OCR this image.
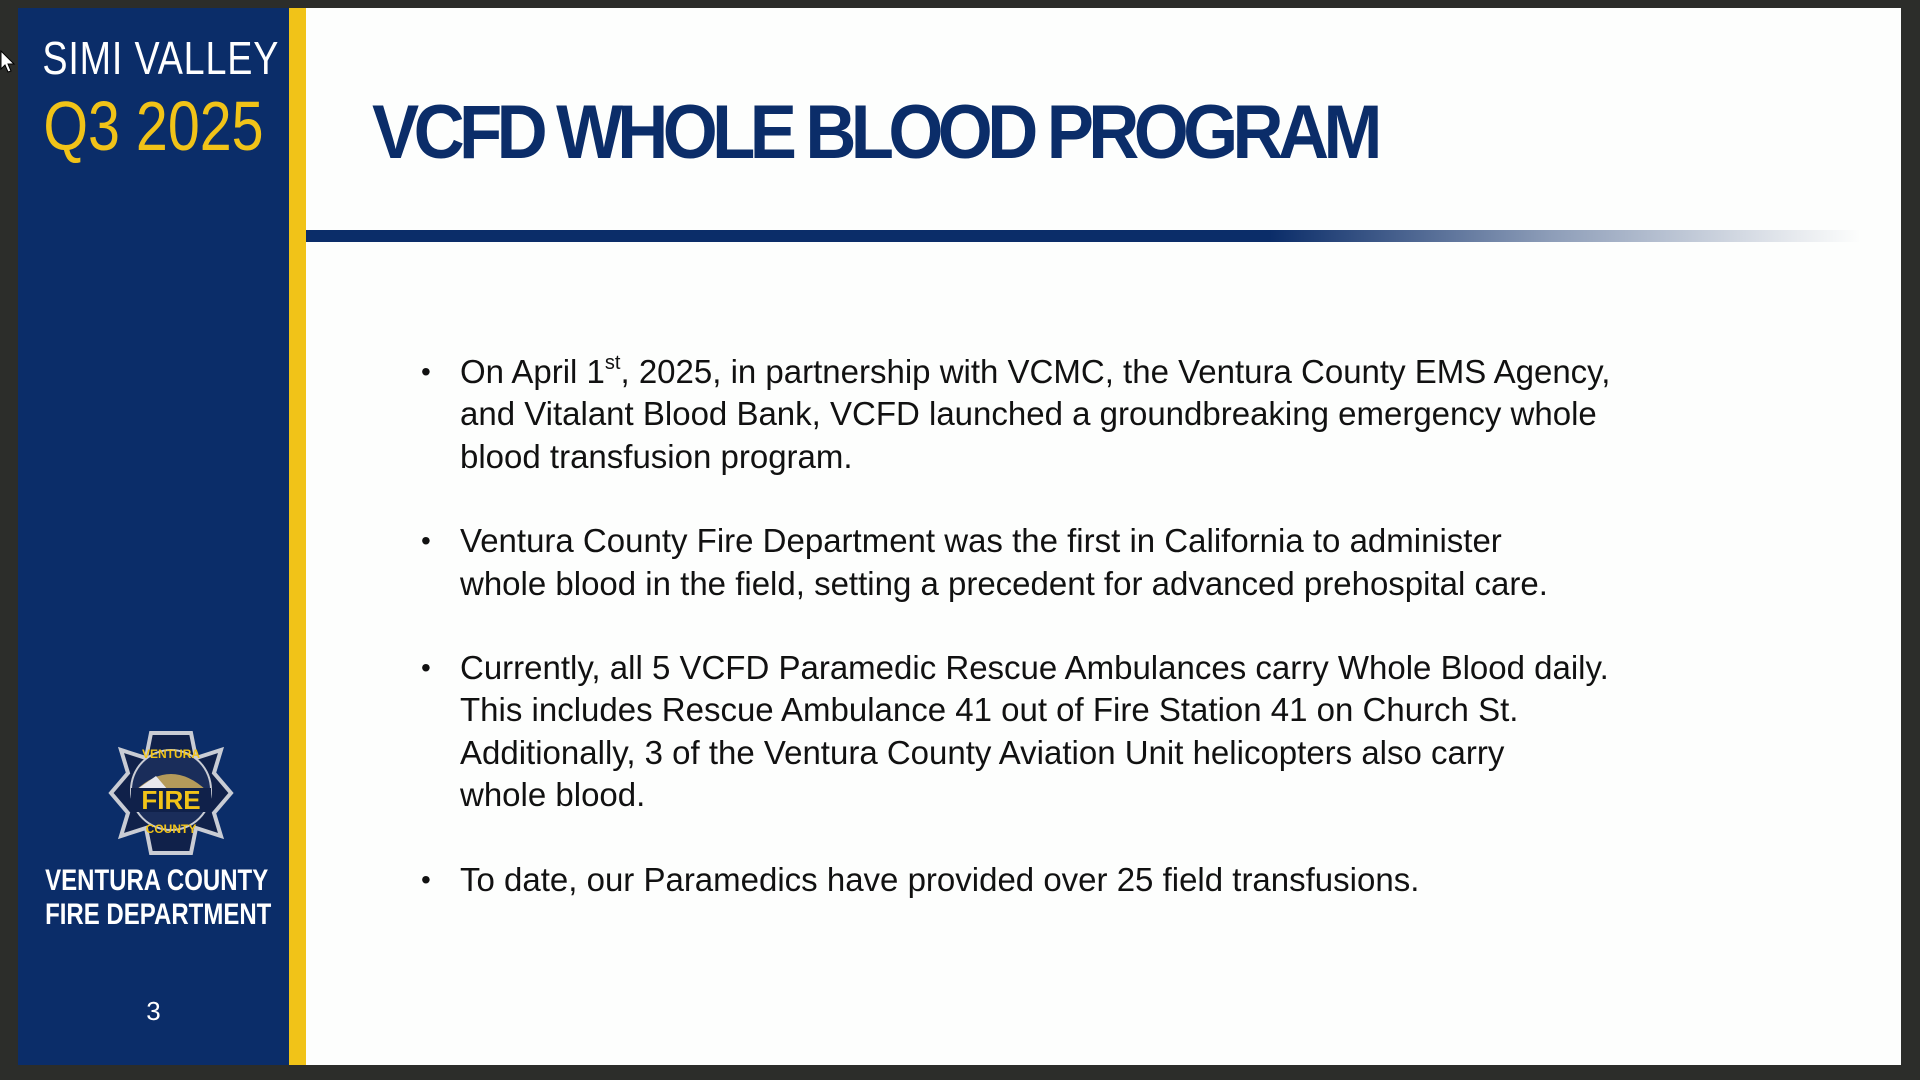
SIMI VALLEY
Q3 2025
VENTURA
FIRE
COUNTY
VENTURA COUNTY
FIRE DEPARTMENT
3
VCFD WHOLE BLOOD PROGRAM
• On April 1st, 2025, in partnership with VCMC, the Ventura County EMS Agency,
and Vitalant Blood Bank, VCFD launched a groundbreaking emergency whole
blood transfusion program.
• Ventura County Fire Department was the first in California to administer
whole blood in the field, setting a precedent for advanced prehospital care.
• Currently, all 5 VCFD Paramedic Rescue Ambulances carry Whole Blood daily.
This includes Rescue Ambulance 41 out of Fire Station 41 on Church St.
Additionally, 3 of the Ventura County Aviation Unit helicopters also carry
whole blood.
• To date, our Paramedics have provided over 25 field transfusions.
